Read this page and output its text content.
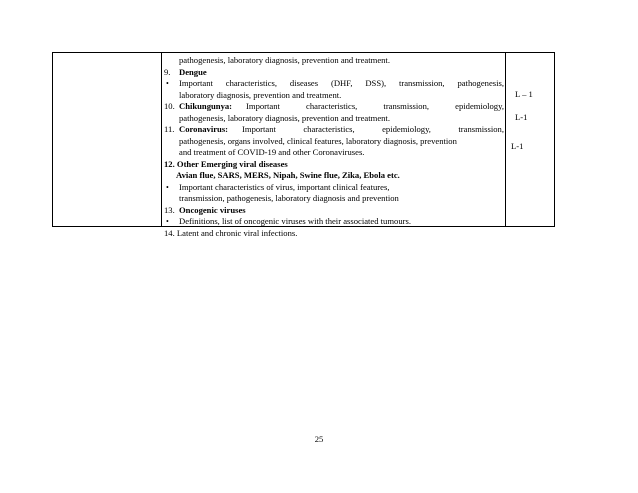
pathogenesis, laboratory diagnosis, prevention and treatment.
9. Dengue
• Important characteristics, diseases (DHF, DSS), transmission, pathogenesis,
laboratory diagnosis, prevention and treatment.
10. Chikungunya: Important characteristics, transmission, epidemiology,
pathogenesis, laboratory diagnosis, prevention and treatment.
11. Coronavirus: Important characteristics, epidemiology, transmission,
pathogenesis, organs involved, clinical features, laboratory diagnosis, prevention
and treatment of COVID-19 and other Coronaviruses.
12. Other Emerging viral diseases
Avian flue, SARS, MERS, Nipah, Swine flue, Zika, Ebola etc.
• Important characteristics of virus, important clinical features,
transmission, pathogenesis, laboratory diagnosis and prevention
13. Oncogenic viruses
• Definitions, list of oncogenic viruses with their associated tumours.
14. Latent and chronic viral infections.
L – 1
L-1
L-1
25
